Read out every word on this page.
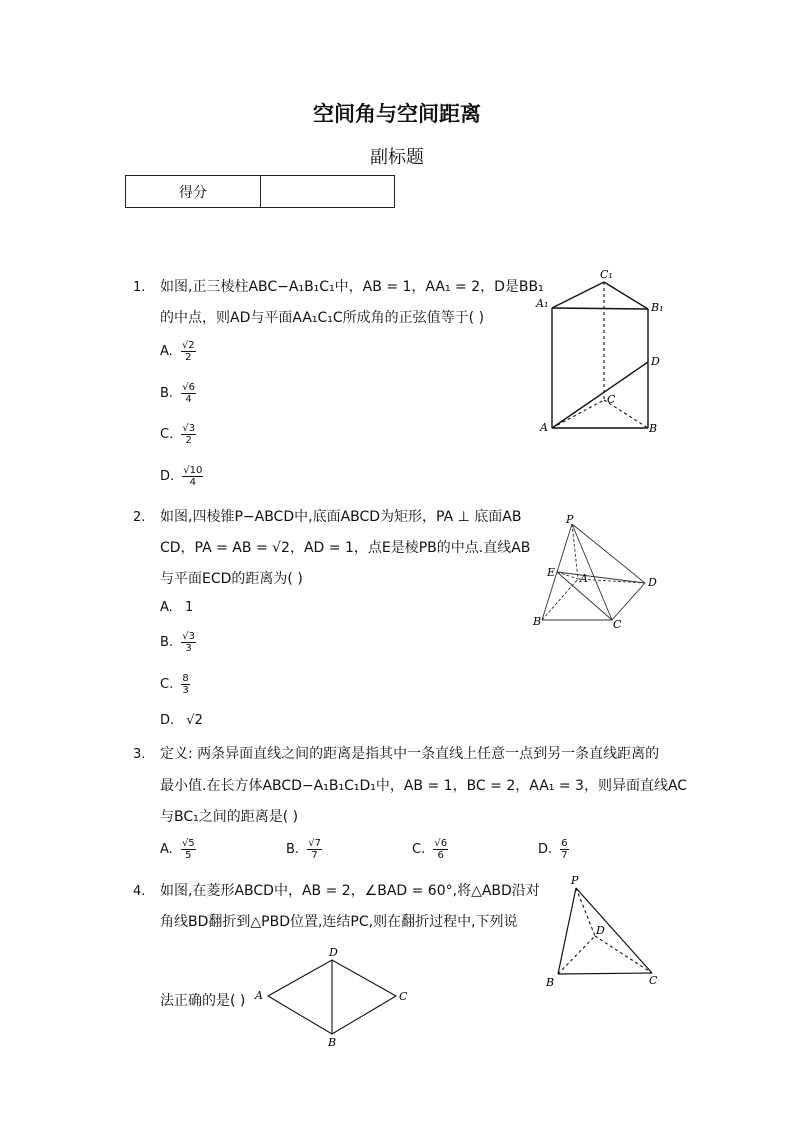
空间角与空间距离
副标题
得分	
1. 如图,正三棱柱ABC−A₁B₁C₁中，AB = 1，AA₁ = 2，D是BB₁
的中点，则AD与平面AA₁C₁C所成角的正弦值等于( )
A. $\frac{√2}{2}$
B. $\frac{√6}{4}$
C. $\frac{√3}{2}$
D. $\frac{√10}{4}$
C₁
A₁	B₁
D
C
A	B
2. 如图,四棱锥P−ABCD中,底面ABCD为矩形，PA ⊥ 底面AB
CD，PA = AB = √2，AD = 1，点E是棱PB的中点.直线AB
与平面ECD的距离为( )
A. 1
B. $\frac{√3}{3}$
C. $\frac{8}{3}$
D. √2
P
E A	D
B	C
3. 定义: 两条异面直线之间的距离是指其中一条直线上任意一点到另一条直线距离的
最小值.在长方体ABCD−A₁B₁C₁D₁中，AB = 1，BC = 2，AA₁ = 3，则异面直线AC
与BC₁之间的距离是( )
A. $\frac{√5}{5}$	B. $\frac{√7}{7}$	C. $\frac{√6}{6}$	D. $\frac{6}{7}$
4. 如图,在菱形ABCD中，AB = 2，∠BAD = 60°,将△ABD沿对
角线BD翻折到△PBD位置,连结PC,则在翻折过程中,下列说
法正确的是( )
D
A	C
B
P
D
B	C
